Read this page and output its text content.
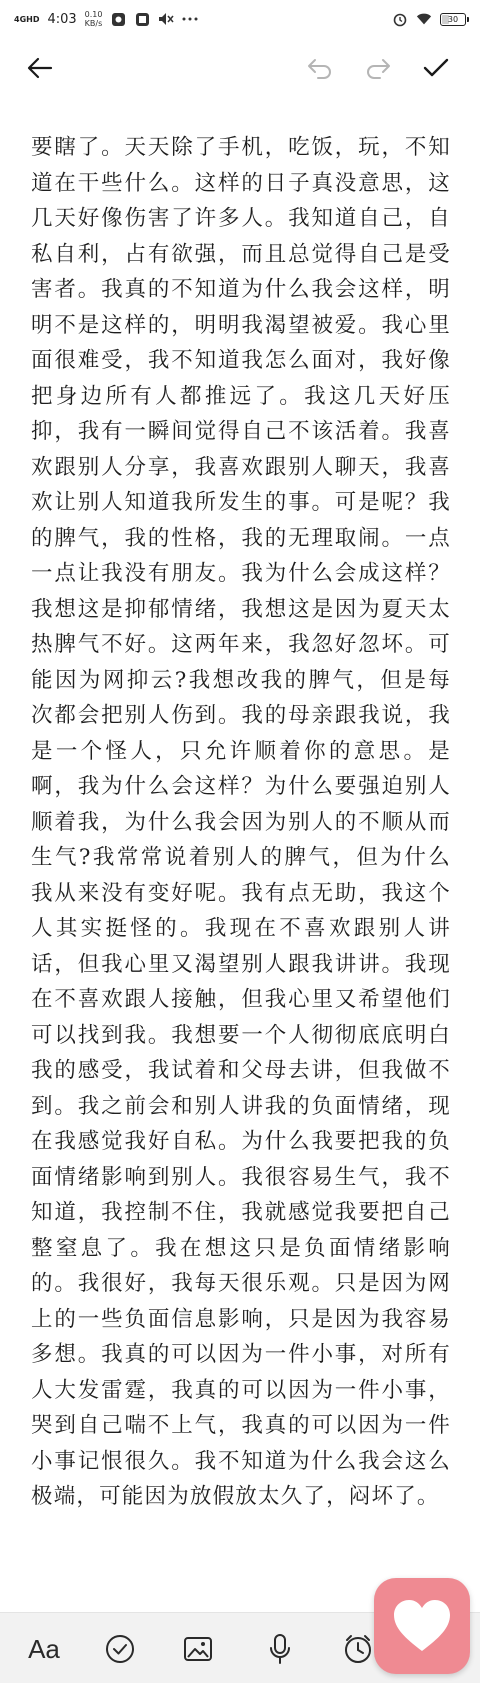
4GHD 4:03 0.10
KB/s	30
要瞎了。天天除了手机，吃饭，玩，不知道在干些什么。这样的日子真没意思，这几天好像伤害了许多人。我知道自己，自私自利，占有欲强，而且总觉得自己是受害者。我真的不知道为什么我会这样，明明不是这样的，明明我渴望被爱。我心里面很难受，我不知道我怎么面对，我好像把身边所有人都推远了。我这几天好压抑，我有一瞬间觉得自己不该活着。我喜欢跟别人分享，我喜欢跟别人聊天，我喜欢让别人知道我所发生的事。可是呢？我的脾气，我的性格，我的无理取闹。一点一点让我没有朋友。我为什么会成这样？我想这是抑郁情绪，我想这是因为夏天太热脾气不好。这两年来，我忽好忽坏。可能因为网抑云?我想改我的脾气，但是每次都会把别人伤到。我的母亲跟我说，我是一个怪人，只允许顺着你的意思。是啊，我为什么会这样？为什么要强迫别人顺着我，为什么我会因为别人的不顺从而生气?我常常说着别人的脾气，但为什么我从来没有变好呢。我有点无助，我这个人其实挺怪的。我现在不喜欢跟别人讲话，但我心里又渴望别人跟我讲讲。我现在不喜欢跟人接触，但我心里又希望他们可以找到我。我想要一个人彻彻底底明白我的感受，我试着和父母去讲，但我做不到。我之前会和别人讲我的负面情绪，现在我感觉我好自私。为什么我要把我的负面情绪影响到别人。我很容易生气，我不知道，我控制不住，我就感觉我要把自己整窒息了。我在想这只是负面情绪影响的。我很好，我每天很乐观。只是因为网上的一些负面信息影响，只是因为我容易多想。我真的可以因为一件小事，对所有人大发雷霆，我真的可以因为一件小事，哭到自己喘不上气，我真的可以因为一件小事记恨很久。我不知道为什么我会这么极端，可能因为放假放太久了，闷坏了。
Aa
